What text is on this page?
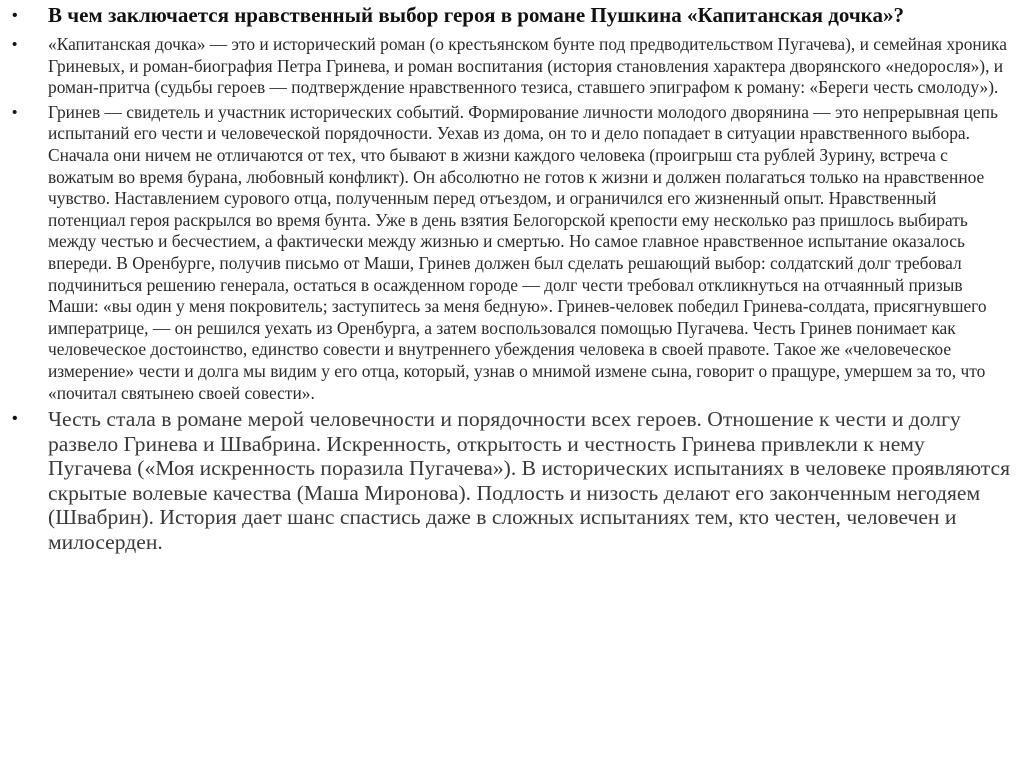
• В чем заключается нравственный выбор героя в романе Пушкина «Капитанская дочка»?
• «Капитанская дочка» — это и исторический роман (о крестьянском бунте под предводительством Пугачева), и семейная хроника Гриневых, и роман-биография Петра Гринева, и роман воспитания (история становления характера дворянского «недоросля»), и роман-притча (судьбы героев — подтверждение нравственного тезиса, ставшего эпиграфом к роману: «Береги честь смолоду»).
• Гринев — свидетель и участник исторических событий. Формирование личности молодого дворянина — это непрерывная цепь испытаний его чести и человеческой порядочности. Уехав из дома, он то и дело попадает в ситуации нравственного выбора. Сначала они ничем не отличаются от тех, что бывают в жизни каждого человека (проигрыш ста рублей Зурину, встреча с вожатым во время бурана, любовный конфликт). Он абсолютно не готов к жизни и должен полагаться только на нравственное чувство. Наставлением сурового отца, полученным перед отъездом, и ограничился его жизненный опыт. Нравственный потенциал героя раскрылся во время бунта. Уже в день взятия Белогорской крепости ему несколько раз пришлось выбирать между честью и бесчестием, а фактически между жизнью и смертью. Но самое главное нравственное испытание оказалось впереди. В Оренбурге, получив письмо от Маши, Гринев должен был сделать решающий выбор: солдатский долг требовал подчиниться решению генерала, остаться в осажденном городе — долг чести требовал откликнуться на отчаянный призыв Маши: «вы один у меня покровитель; заступитесь за меня бедную». Гринев-человек победил Гринева-солдата, присягнувшего императрице, — он решился уехать из Оренбурга, а затем воспользовался помощью Пугачева. Честь Гринев понимает как человеческое достоинство, единство совести и внутреннего убеждения человека в своей правоте. Такое же «человеческое измерение» чести и долга мы видим у его отца, который, узнав о мнимой измене сына, говорит о пращуре, умершем за то, что «почитал святынею своей совести».
• Честь стала в романе мерой человечности и порядочности всех героев. Отношение к чести и долгу развело Гринева и Швабрина. Искренность, открытость и честность Гринева привлекли к нему Пугачева («Моя искренность поразила Пугачева»). В исторических испытаниях в человеке проявляются скрытые волевые качества (Маша Миронова). Подлость и низость делают его законченным негодяем (Швабрин). История дает шанс спастись даже в сложных испытаниях тем, кто честен, человечен и милосерден.
